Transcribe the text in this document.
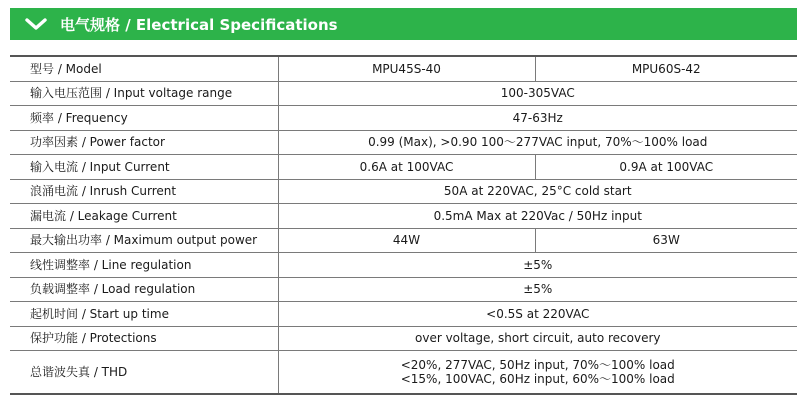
电气规格 / Electrical Specifications
型号 / Model	MPU45S-40	MPU60S-42
输入电压范围 / Input voltage range	100-305VAC	
频率 / Frequency	47-63Hz	
功率因素 / Power factor	0.99 (Max), >0.90 100～277VAC input, 70%～100% load	
输入电流 / Input Current	0.6A at 100VAC	0.9A at 100VAC
浪涌电流 / Inrush Current	50A at 220VAC, 25°C cold start	
漏电流 / Leakage Current	0.5mA Max at 220Vac / 50Hz input	
最大输出功率 / Maximum output power	44W	63W
线性调整率 / Line regulation	±5%	
负载调整率 / Load regulation	±5%	
起机时间 / Start up time	<0.5S at 220VAC	
保护功能 / Protections	over voltage, short circuit, auto recovery	
总谐波失真 / THD	<20%, 277VAC, 50Hz input, 70%～100% load
<15%, 100VAC, 60Hz input, 60%～100% load	
